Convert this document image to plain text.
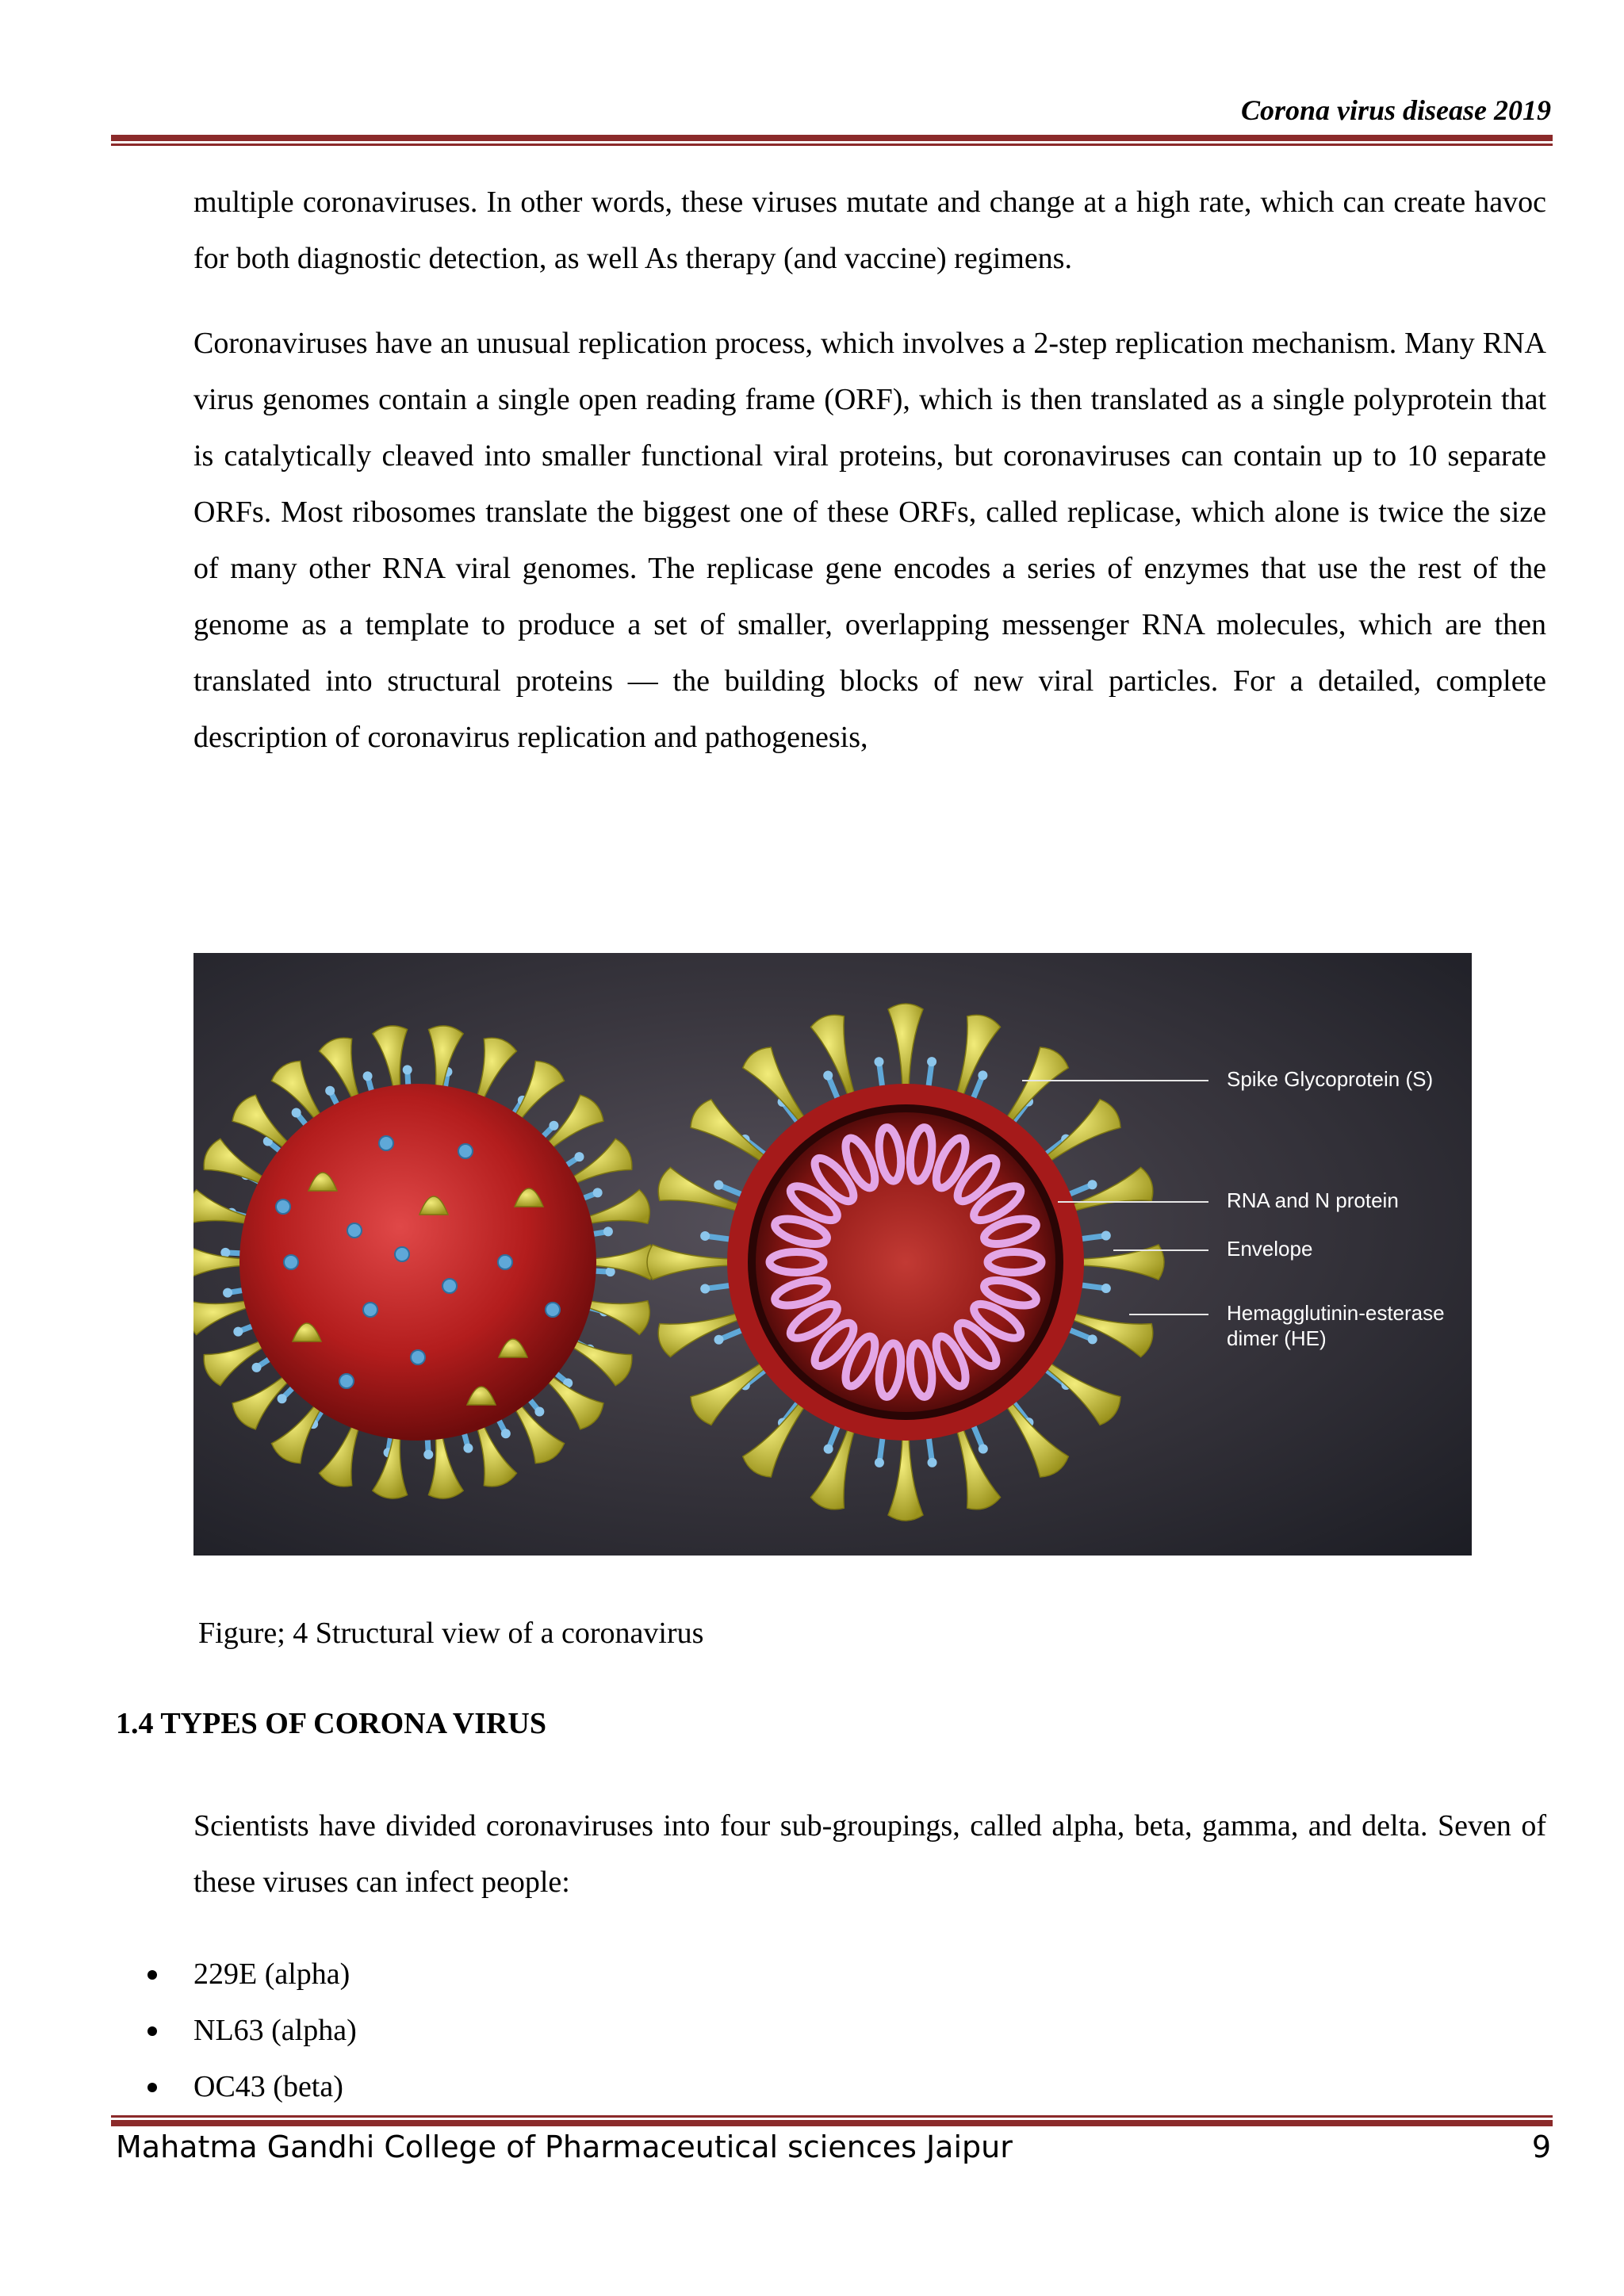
Corona virus disease 2019

multiple coronaviruses. In other words, these viruses mutate and change at a high rate, which can create havoc for both diagnostic detection, as well As therapy (and vaccine) regimens.

Coronaviruses have an unusual replication process, which involves a 2-step replication mechanism. Many RNA virus genomes contain a single open reading frame (ORF), which is then translated as a single polyprotein that is catalytically cleaved into smaller functional viral proteins, but coronaviruses can contain up to 10 separate ORFs. Most ribosomes translate the biggest one of these ORFs, called replicase, which alone is twice the size of many other RNA viral genomes. The replicase gene encodes a series of enzymes that use the rest of the genome as a template to produce a set of smaller, overlapping messenger RNA molecules, which are then translated into structural proteins — the building blocks of new viral particles. For a detailed, complete description of coronavirus replication and pathogenesis,

Spike Glycoprotein (S)
RNA and N protein
Envelope
Hemagglutinin-esterase
dimer (HE)
Figure; 4 Structural view of a coronavirus
1.4 TYPES OF CORONA VIRUS

Scientists have divided coronaviruses into four sub-groupings, called alpha, beta, gamma, and delta. Seven of these viruses can infect people:

229E (alpha)
NL63 (alpha)
OC43 (beta)
Mahatma Gandhi College of Pharmaceutical sciences Jaipur	9
